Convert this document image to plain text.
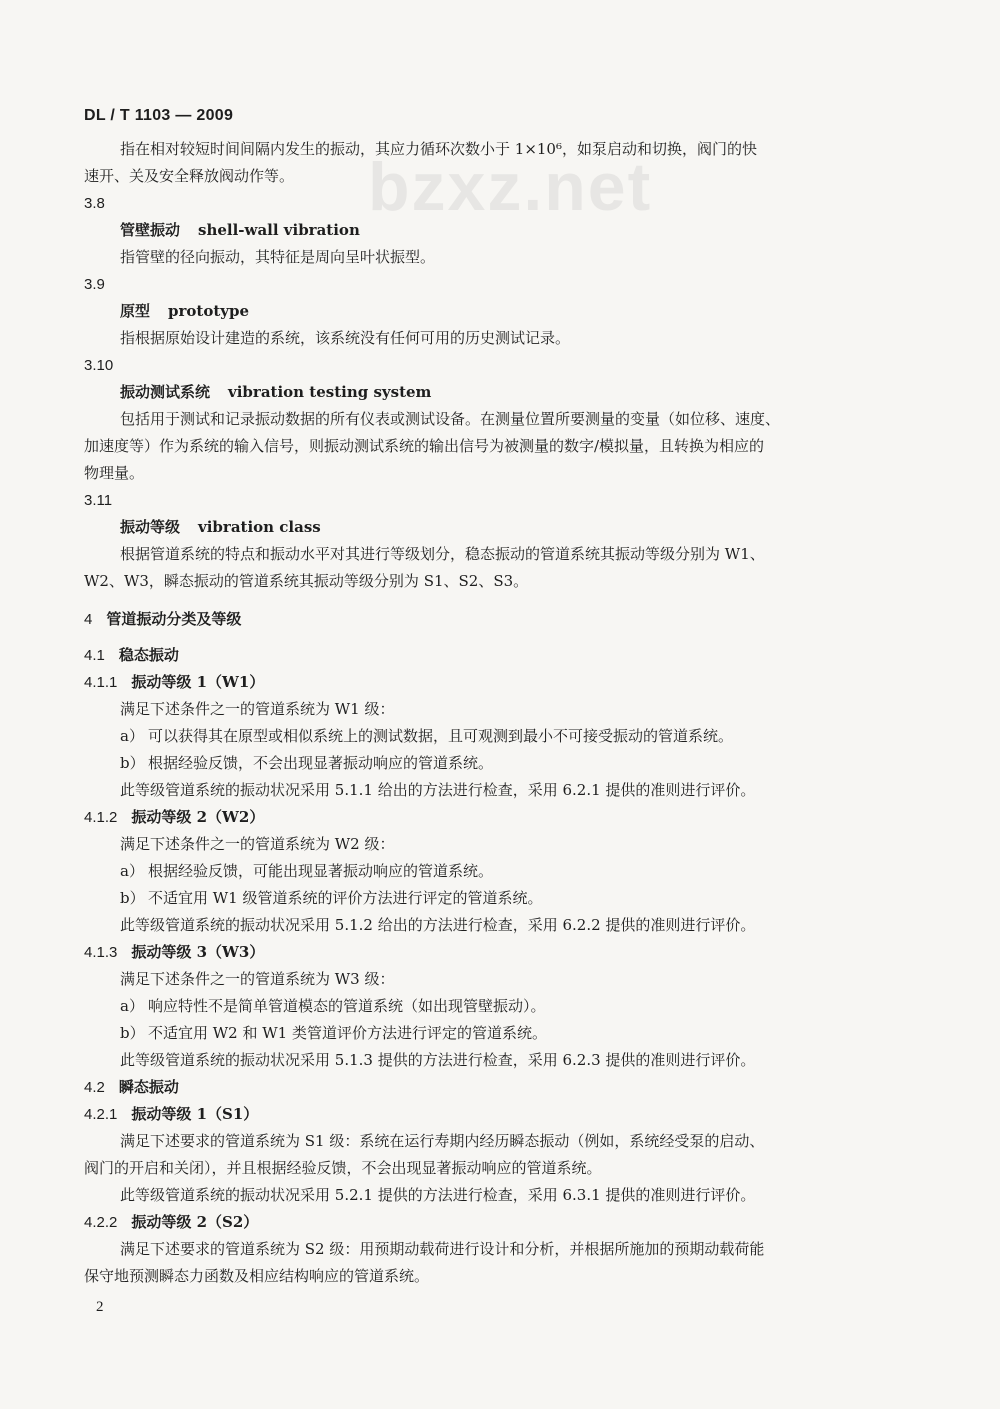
DL / T 1103 — 2009
bzxz.net

指在相对较短时间间隔内发生的振动，其应力循环次数小于 1×10⁶，如泵启动和切换，阀门的快

速开、关及安全释放阀动作等。

3.8

管壁振动 shell-wall vibration

指管壁的径向振动，其特征是周向呈叶状振型。

3.9

原型 prototype

指根据原始设计建造的系统，该系统没有任何可用的历史测试记录。

3.10

振动测试系统 vibration testing system

包括用于测试和记录振动数据的所有仪表或测试设备。在测量位置所要测量的变量（如位移、速度、

加速度等）作为系统的输入信号，则振动测试系统的输出信号为被测量的数字/模拟量，且转换为相应的

物理量。

3.11

振动等级 vibration class

根据管道系统的特点和振动水平对其进行等级划分，稳态振动的管道系统其振动等级分别为 W1、

W2、W3，瞬态振动的管道系统其振动等级分别为 S1、S2、S3。

4 管道振动分类及等级

4.1 稳态振动

4.1.1 振动等级 1（W1）

满足下述条件之一的管道系统为 W1 级：

a） 可以获得其在原型或相似系统上的测试数据，且可观测到最小不可接受振动的管道系统。

b） 根据经验反馈，不会出现显著振动响应的管道系统。

此等级管道系统的振动状况采用 5.1.1 给出的方法进行检查，采用 6.2.1 提供的准则进行评价。

4.1.2 振动等级 2（W2）

满足下述条件之一的管道系统为 W2 级：

a） 根据经验反馈，可能出现显著振动响应的管道系统。

b） 不适宜用 W1 级管道系统的评价方法进行评定的管道系统。

此等级管道系统的振动状况采用 5.1.2 给出的方法进行检查，采用 6.2.2 提供的准则进行评价。

4.1.3 振动等级 3（W3）

满足下述条件之一的管道系统为 W3 级：

a） 响应特性不是简单管道模态的管道系统（如出现管壁振动）。

b） 不适宜用 W2 和 W1 类管道评价方法进行评定的管道系统。

此等级管道系统的振动状况采用 5.1.3 提供的方法进行检查，采用 6.2.3 提供的准则进行评价。

4.2 瞬态振动

4.2.1 振动等级 1（S1）

满足下述要求的管道系统为 S1 级：系统在运行寿期内经历瞬态振动（例如，系统经受泵的启动、

阀门的开启和关闭），并且根据经验反馈，不会出现显著振动响应的管道系统。

此等级管道系统的振动状况采用 5.2.1 提供的方法进行检查，采用 6.3.1 提供的准则进行评价。

4.2.2 振动等级 2（S2）

满足下述要求的管道系统为 S2 级：用预期动载荷进行设计和分析，并根据所施加的预期动载荷能

保守地预测瞬态力函数及相应结构响应的管道系统。

2
